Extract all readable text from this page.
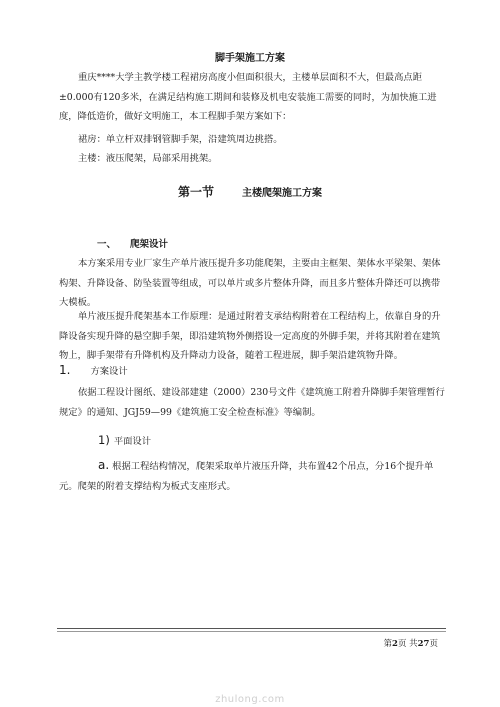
脚手架施工方案

重庆****大学主教学楼工程裙房高度小但面积很大，主楼单层面积不大，但最高点距±0.000有120多米，在满足结构施工期间和装修及机电安装施工需要的同时，为加快施工进度，降低造价，做好文明施工，本工程脚手架方案如下：

裙房：单立杆双排钢管脚手架，沿建筑周边挑搭。
主楼：液压爬架，局部采用挑架。
第一节	主楼爬架施工方案
一、 爬架设计

本方案采用专业厂家生产单片液压提升多功能爬架，主要由主框架、架体水平梁架、架体构架、升降设备、防坠装置等组成，可以单片或多片整体升降，而且多片整体升降还可以携带大模板。

单片液压提升爬架基本工作原理：是通过附着支承结构附着在工程结构上，依靠自身的升降设备实现升降的悬空脚手架，即沿建筑物外侧搭设一定高度的外脚手架，并将其附着在建筑物上，脚手架带有升降机构及升降动力设备，随着工程进展，脚手架沿建筑物升降。

1. 方案设计

依据工程设计图纸、建设部建建（2000）230号文件《建筑施工附着升降脚手架管理暂行规定》的通知、JGJ59—99《建筑施工安全检查标准》等编制。

1) 平面设计

a. 根据工程结构情况，爬架采取单片液压升降，共布置42个吊点，分16个提升单元。爬架的附着支撑结构为板式支座形式。

第2页 共27页
zhulong.com
